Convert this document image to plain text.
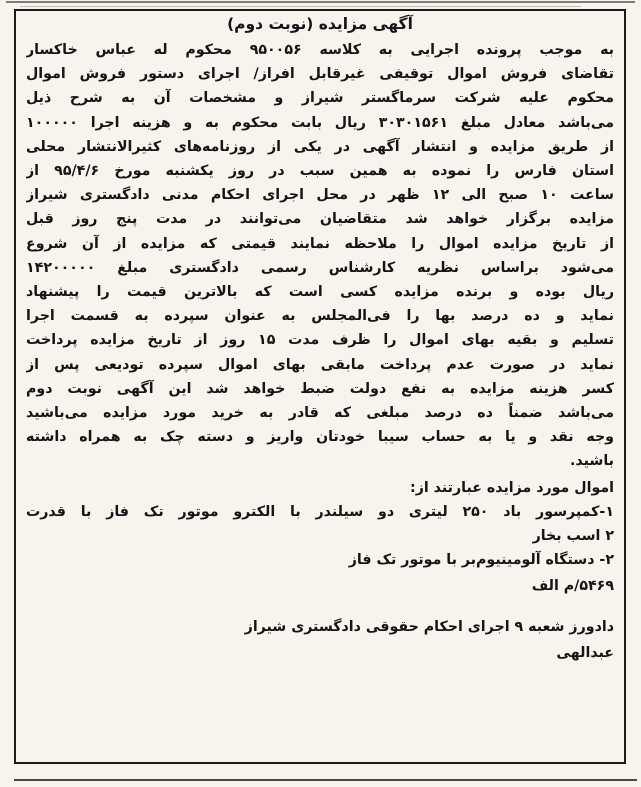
آگهی مزایده (نوبت دوم)
به موجب پرونده اجرایی به کلاسه ۹۵۰۰۵۶ محکوم له عباس خاکسار
تقاضای فروش اموال توقیفی غیرقابل افراز/ اجرای دستور فروش اموال
محکوم علیه شرکت سرماگستر شیراز و مشخصات آن به شرح ذیل
می‌باشد معادل مبلغ ۳۰۳۰۱۵۶۱ ریال بابت محکوم به و هزینه اجرا ۱۰۰۰۰۰
از طریق مزایده و انتشار آگهی در یکی از روزنامه‌های کثیرالانتشار محلی
استان فارس را نموده به همین سبب در روز یکشنبه مورخ ۹۵/۴/۶ از
ساعت ۱۰ صبح الی ۱۲ ظهر در محل اجرای احکام مدنی دادگستری شیراز
مزایده برگزار خواهد شد متقاضیان می‌توانند در مدت پنج روز قبل
از تاریخ مزایده اموال را ملاحظه نمایند قیمتی که مزایده از آن شروع
می‌شود براساس نظریه کارشناس رسمی دادگستری مبلغ ۱۴۲۰۰۰۰۰
ریال بوده و برنده مزایده کسی است که بالاترین قیمت را پیشنهاد
نماید و ده درصد بها را فی‌المجلس به عنوان سپرده به قسمت اجرا
تسلیم و بقیه بهای اموال را ظرف مدت ۱۵ روز از تاریخ مزایده پرداخت
نماید در صورت عدم پرداخت مابقی بهای اموال سپرده تودیعی پس از
کسر هزینه مزایده به نفع دولت ضبط خواهد شد این آگهی نوبت دوم
می‌باشد ضمناً ده درصد مبلغی که قادر به خرید مورد مزایده می‌باشید
وجه نقد و یا به حساب سیبا خودتان واریز و دسته چک به همراه داشته
باشید.
اموال مورد مزایده عبارتند از:
۱-کمپرسور باد ۲۵۰ لیتری دو سیلندر با الکترو موتور تک فاز با قدرت
۲ اسب بخار
۲- دستگاه آلومینیوم‌بر با موتور تک فاز
۵۴۶۹/م الف
دادورز شعبه ۹ اجرای احکام حقوقی دادگستری شیراز
عبدالهی
